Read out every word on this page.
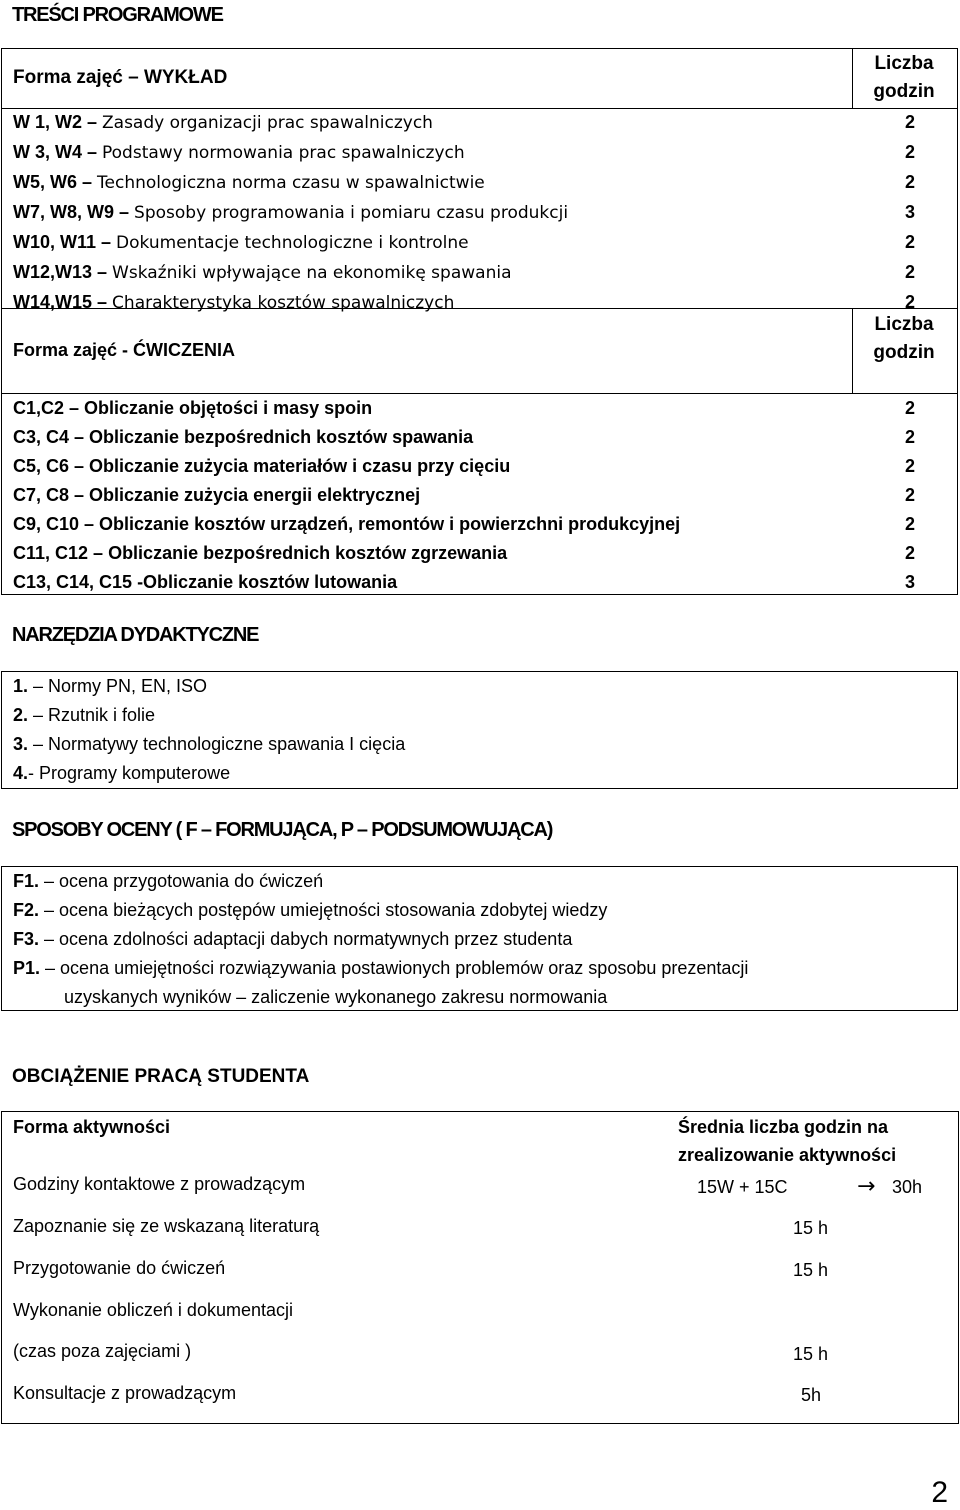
TREŚCI PROGRAMOWE
Forma zajęć – WYKŁAD
Liczba
godzin
W 1, W2 – Zasady organizacji prac spawalniczych	2
W 3, W4 – Podstawy normowania prac spawalniczych	2
W5, W6 – Technologiczna norma czasu w spawalnictwie	2
W7, W8, W9 – Sposoby programowania i pomiaru czasu produkcji	3
W10, W11 – Dokumentacje technologiczne i kontrolne	2
W12,W13 – Wskaźniki wpływające na ekonomikę spawania	2
W14,W15 – Charakterystyka kosztów spawalniczych	2
Forma zajęć - ĆWICZENIA
Liczba
godzin
C1,C2 – Obliczanie objętości i masy spoin	2
C3, C4 – Obliczanie bezpośrednich kosztów spawania	2
C5, C6 – Obliczanie zużycia materiałów i czasu przy cięciu	2
C7, C8 – Obliczanie zużycia energii elektrycznej	2
C9, C10 – Obliczanie kosztów urządzeń, remontów i powierzchni produkcyjnej	2
C11, C12 – Obliczanie bezpośrednich kosztów zgrzewania	2
C13, C14, C15 -Obliczanie kosztów lutowania	3
NARZĘDZIA DYDAKTYCZNE
1. – Normy PN, EN, ISO
2. – Rzutnik i folie
3. – Normatywy technologiczne spawania I cięcia
4.- Programy komputerowe
SPOSOBY OCENY ( F – FORMUJĄCA, P – PODSUMOWUJĄCA)
F1. – ocena przygotowania do ćwiczeń
F2. – ocena bieżących postępów umiejętności stosowania zdobytej wiedzy
F3. – ocena zdolności adaptacji dabych normatywnych przez studenta
P1. – ocena umiejętności rozwiązywania postawionych problemów oraz sposobu prezentacji
uzyskanych wyników – zaliczenie wykonanego zakresu normowania
OBCIĄŻENIE PRACĄ STUDENTA
Forma aktywności	Średnia liczba godzin na
zrealizowanie aktywności
Godziny kontaktowe z prowadzącym	15W + 15C	→ 30h
Zapoznanie się ze wskazaną literaturą	15 h
Przygotowanie do ćwiczeń	15 h
Wykonanie obliczeń i dokumentacji
(czas poza zajęciami )	15 h
Konsultacje z prowadzącym	5h
2
